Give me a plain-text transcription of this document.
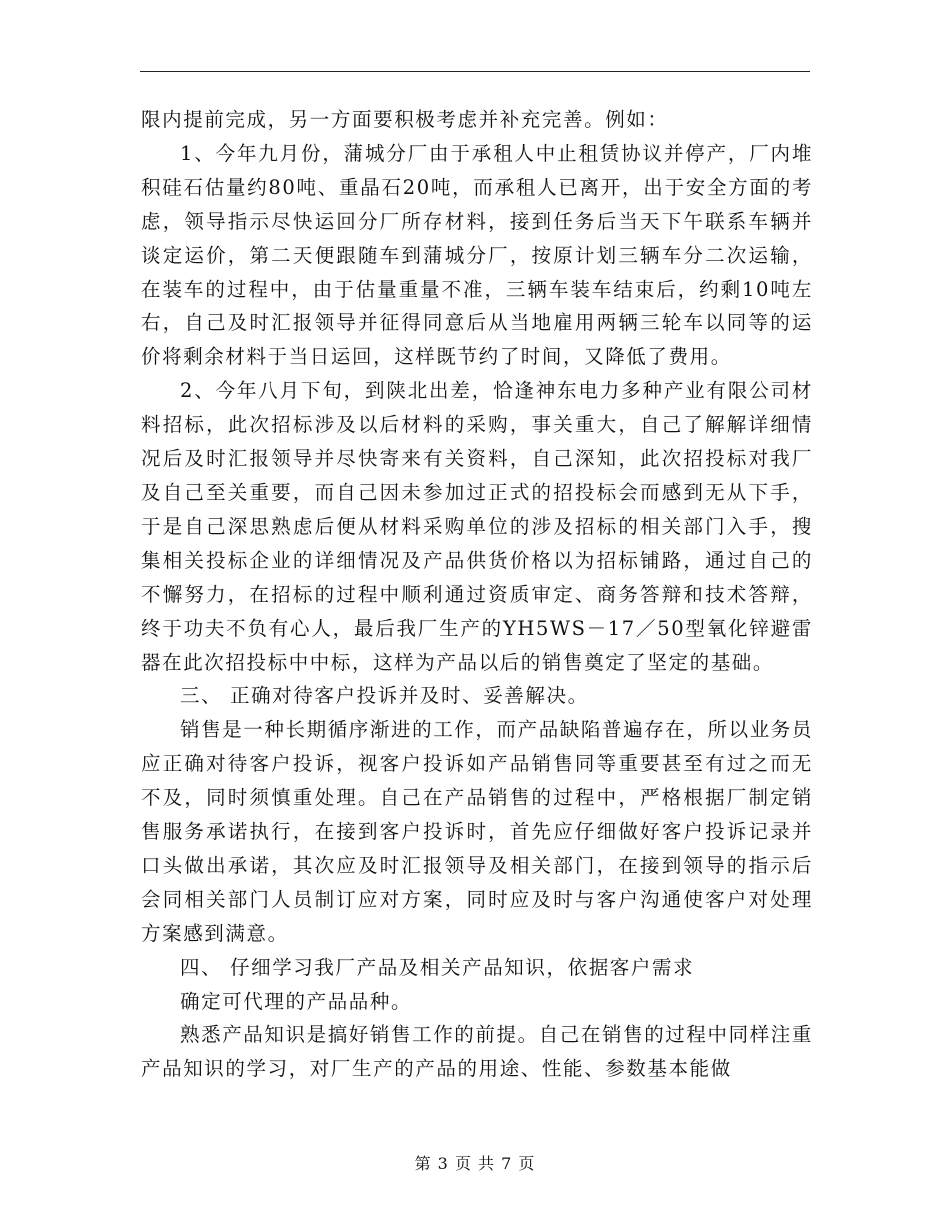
限内提前完成，另一方面要积极考虑并补充完善。例如：

1、今年九月份，蒲城分厂由于承租人中止租赁协议并停产，厂内堆积硅石估量约80吨、重晶石20吨，而承租人已离开，出于安全方面的考虑，领导指示尽快运回分厂所存材料，接到任务后当天下午联系车辆并谈定运价，第二天便跟随车到蒲城分厂，按原计划三辆车分二次运输，在装车的过程中，由于估量重量不准，三辆车装车结束后，约剩10吨左右，自己及时汇报领导并征得同意后从当地雇用两辆三轮车以同等的运价将剩余材料于当日运回，这样既节约了时间，又降低了费用。

2、今年八月下旬，到陕北出差，恰逢神东电力多种产业有限公司材料招标，此次招标涉及以后材料的采购，事关重大，自己了解解详细情况后及时汇报领导并尽快寄来有关资料，自己深知，此次招投标对我厂及自己至关重要，而自己因未参加过正式的招投标会而感到无从下手，于是自己深思熟虑后便从材料采购单位的涉及招标的相关部门入手，搜集相关投标企业的详细情况及产品供货价格以为招标铺路，通过自己的不懈努力，在招标的过程中顺利通过资质审定、商务答辩和技术答辩，终于功夫不负有心人，最后我厂生产的YH5WS－17／50型氧化锌避雷器在此次招投标中中标，这样为产品以后的销售奠定了坚定的基础。

三、 正确对待客户投诉并及时、妥善解决。

销售是一种长期循序渐进的工作，而产品缺陷普遍存在，所以业务员应正确对待客户投诉，视客户投诉如产品销售同等重要甚至有过之而无不及，同时须慎重处理。自己在产品销售的过程中，严格根据厂制定销售服务承诺执行，在接到客户投诉时，首先应仔细做好客户投诉记录并口头做出承诺，其次应及时汇报领导及相关部门，在接到领导的指示后会同相关部门人员制订应对方案，同时应及时与客户沟通使客户对处理方案感到满意。

四、 仔细学习我厂产品及相关产品知识，依据客户需求

确定可代理的产品品种。

熟悉产品知识是搞好销售工作的前提。自己在销售的过程中同样注重产品知识的学习，对厂生产的产品的用途、性能、参数基本能做

第 3 页 共 7 页
